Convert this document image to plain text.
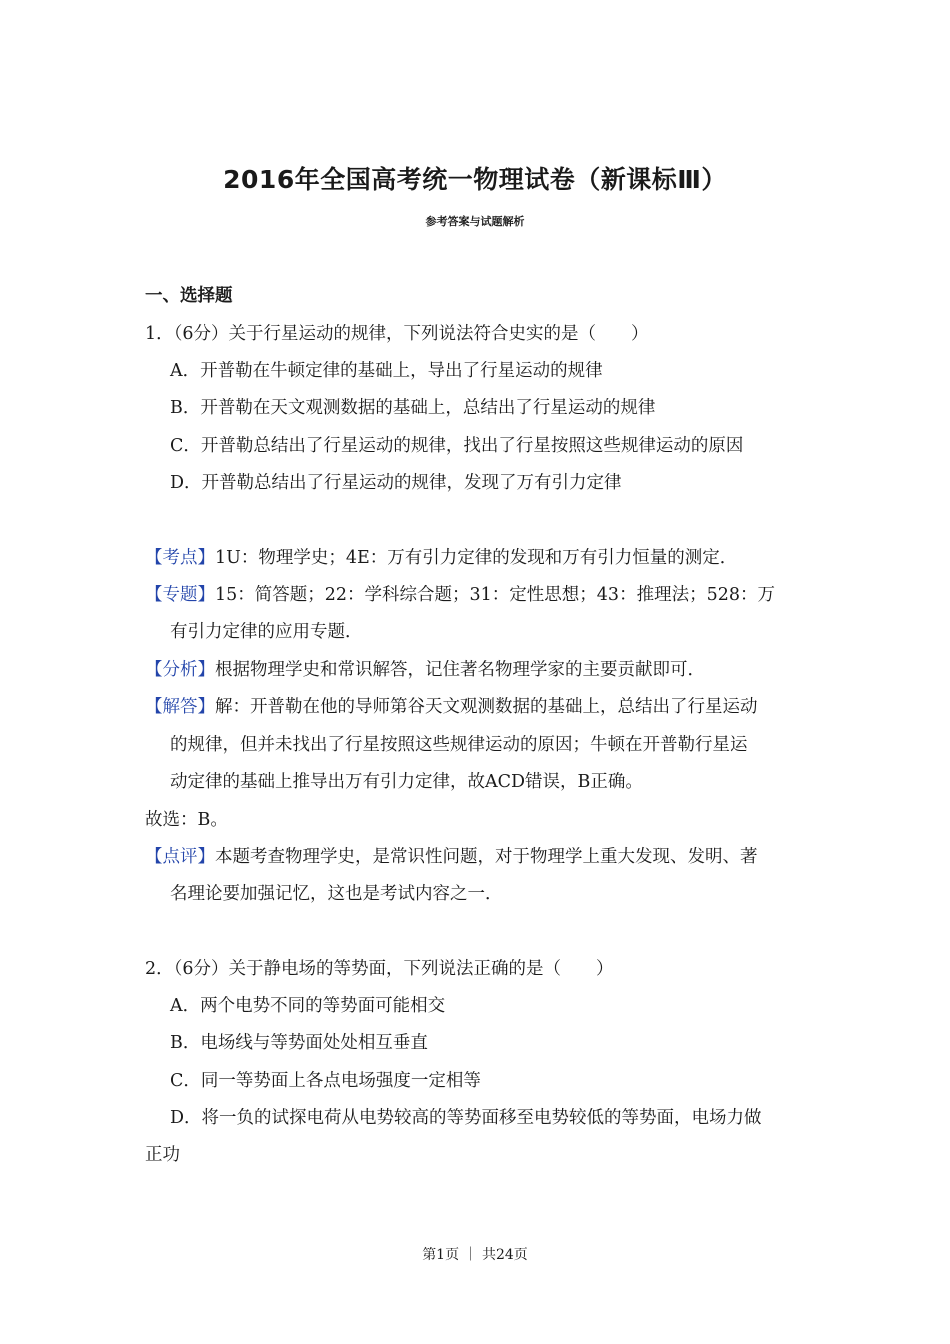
2016年全国高考统一物理试卷（新课标Ⅲ）
参考答案与试题解析
一、选择题
1．（6分）关于行星运动的规律，下列说法符合史实的是（　　）
A．开普勒在牛顿定律的基础上，导出了行星运动的规律
B．开普勒在天文观测数据的基础上，总结出了行星运动的规律
C．开普勒总结出了行星运动的规律，找出了行星按照这些规律运动的原因
D．开普勒总结出了行星运动的规律，发现了万有引力定律
【考点】1U：物理学史；4E：万有引力定律的发现和万有引力恒量的测定．
【专题】15：简答题；22：学科综合题；31：定性思想；43：推理法；528：万
有引力定律的应用专题．
【分析】根据物理学史和常识解答，记住著名物理学家的主要贡献即可．
【解答】解：开普勒在他的导师第谷天文观测数据的基础上，总结出了行星运动
的规律，但并未找出了行星按照这些规律运动的原因；牛顿在开普勒行星运
动定律的基础上推导出万有引力定律，故ACD错误，B正确。
故选：B。
【点评】本题考查物理学史，是常识性问题，对于物理学上重大发现、发明、著
名理论要加强记忆，这也是考试内容之一．
2．（6分）关于静电场的等势面，下列说法正确的是（　　）
A．两个电势不同的等势面可能相交
B．电场线与等势面处处相互垂直
C．同一等势面上各点电场强度一定相等
D．将一负的试探电荷从电势较高的等势面移至电势较低的等势面，电场力做
正功
第1页 ｜ 共24页
